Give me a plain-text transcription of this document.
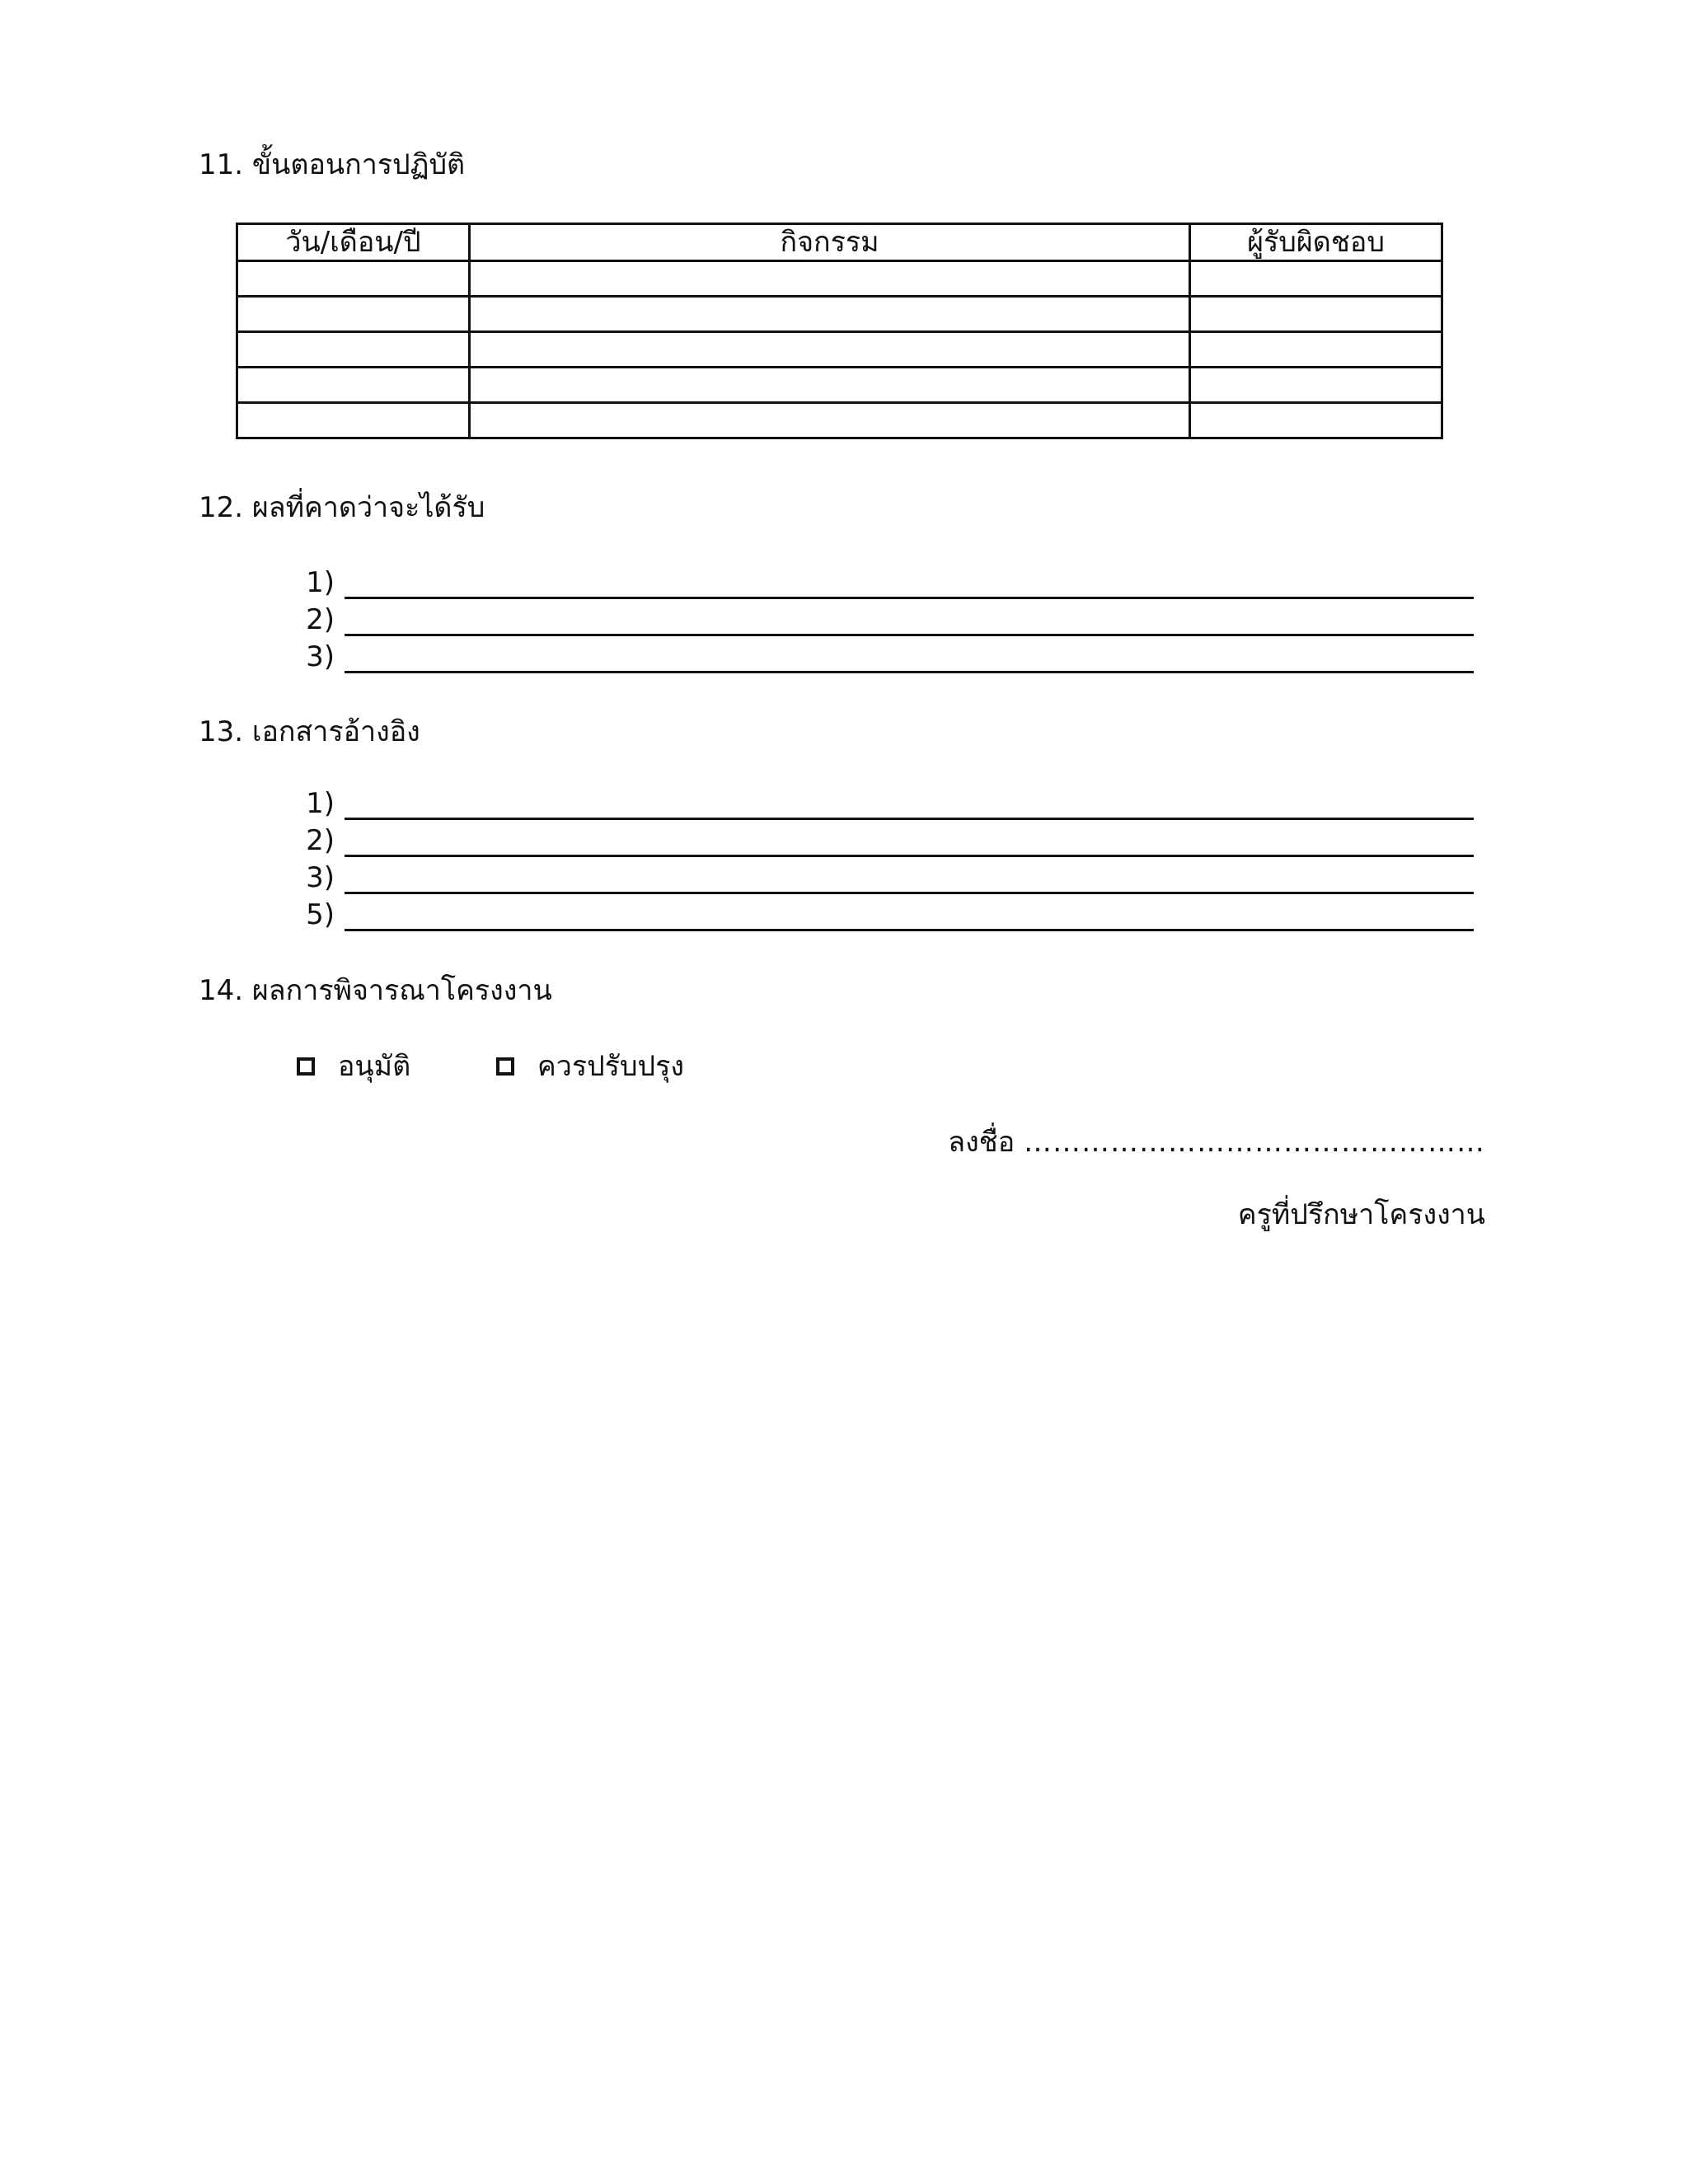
11. ขั้นตอนการปฏิบัติ
วัน/เดือน/ปี	กิจกรรม	ผู้รับผิดชอบ

12. ผลที่คาดว่าจะได้รับ
1)
2)
3)
13. เอกสารอ้างอิง
1)
2)
3)
5)
14. ผลการพิจารณาโครงงาน
อนุมัติ	ควรปรับปรุง
ลงชื่อ …………………………………………
ครูที่ปรึกษาโครงงาน
